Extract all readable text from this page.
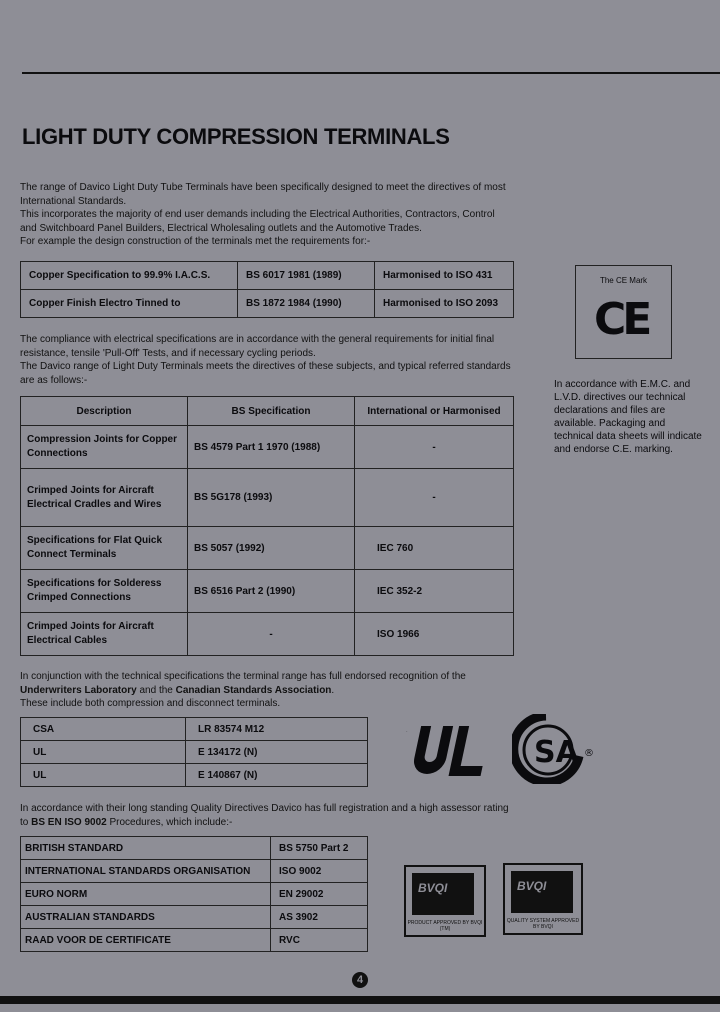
LIGHT DUTY COMPRESSION TERMINALS

The range of Davico Light Duty Tube Terminals have been specifically designed to meet the directives of most International Standards.

This incorporates the majority of end user demands including the Electrical Authorities, Contractors, Control and Switchboard Panel Builders, Electrical Wholesaling outlets and the Automotive Trades.

For example the design construction of the terminals met the requirements for:-

Copper Specification to 99.9% I.A.C.S.	BS 6017 1981 (1989)	Harmonised to ISO 431
Copper Finish Electro Tinned to	BS 1872 1984 (1990)	Harmonised to ISO 2093

The compliance with electrical specifications are in accordance with the general requirements for initial final resistance, tensile 'Pull-Off' Tests, and if necessary cycling periods.

The Davico range of Light Duty Terminals meets the directives of these subjects, and typical referred standards are as follows:-

Description	BS Specification	International or Harmonised
Compression Joints for Copper Connections	BS 4579 Part 1 1970 (1988)	-
Crimped Joints for Aircraft Electrical Cradles and Wires	BS 5G178 (1993)	-
Specifications for Flat Quick Connect Terminals	BS 5057 (1992)	IEC 760
Specifications for Solderess Crimped Connections	BS 6516 Part 2 (1990)	IEC 352-2
Crimped Joints for Aircraft Electrical Cables	-	ISO 1966
The CE Mark
CE

In accordance with E.M.C. and L.V.D. directives our technical declarations and files are available. Packaging and technical data sheets will indicate and endorse C.E. marking.

In conjunction with the technical specifications the terminal range has full endorsed recognition of the Underwriters Laboratory and the Canadian Standards Association.

These include both compression and disconnect terminals.

CSA	LR 83574 M12
UL	E 134172 (N)
UL	E 140867 (N)
UL
SA ®

In accordance with their long standing Quality Directives Davico has full registration and a high assessor rating to BS EN ISO 9002 Procedures, which include:-

BRITISH STANDARD	BS 5750 Part 2
INTERNATIONAL STANDARDS ORGANISATION	ISO 9002
EURO NORM	EN 29002
AUSTRALIAN STANDARDS	AS 3902
RAAD VOOR DE CERTIFICATE	RVC
BVQI
PRODUCT APPROVED BY BVQI (TM)
BVQI
QUALITY SYSTEM APPROVED BY BVQI
4
